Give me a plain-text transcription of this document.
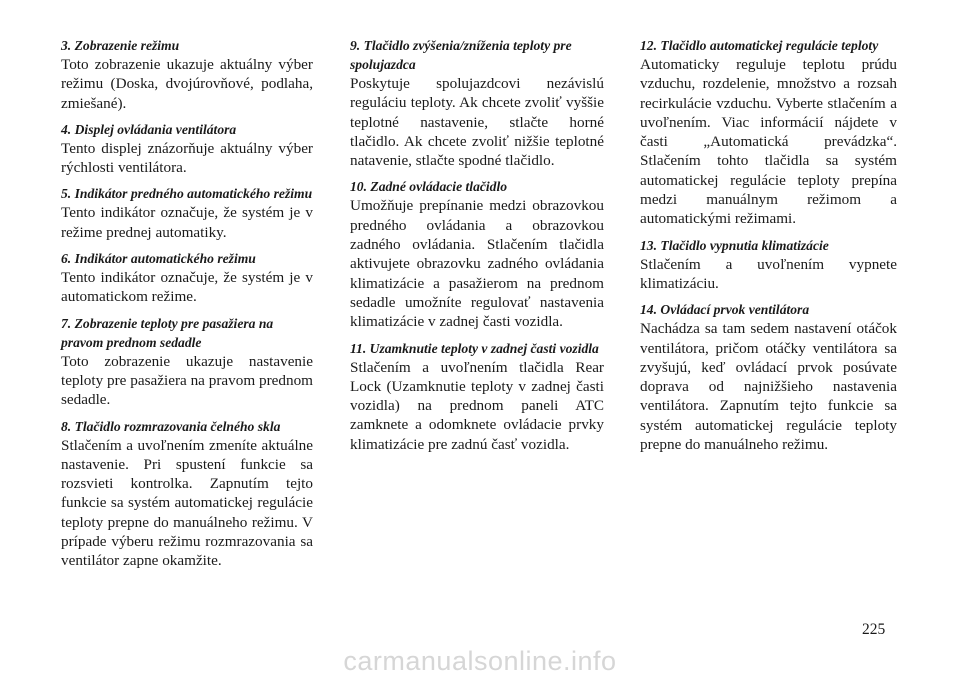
3. Zobrazenie režimu
Toto zobrazenie ukazuje aktuálny výber režimu (Doska, dvojúrovňové, podlaha, zmiešané).
4. Displej ovládania ventilátora
Tento displej znázorňuje aktuálny výber rýchlosti ventilátora.
5. Indikátor predného automatického režimu
Tento indikátor označuje, že systém je v režime prednej automatiky.
6. Indikátor automatického režimu
Tento indikátor označuje, že systém je v automatickom režime.
7. Zobrazenie teploty pre pasažiera na pravom prednom sedadle
Toto zobrazenie ukazuje nastavenie teploty pre pasažiera na pravom prednom sedadle.
8. Tlačidlo rozmrazovania čelného skla
Stlačením a uvoľnením zmeníte aktuálne nastavenie. Pri spustení funkcie sa rozsvieti kontrolka. Zapnutím tejto funkcie sa systém automatickej regulácie teploty prepne do manuálneho režimu. V prípade výberu režimu rozmrazovania sa ventilátor zapne okamžite.
9. Tlačidlo zvýšenia/zníženia teploty pre spolujazdca
Poskytuje spolujazdcovi nezávislú reguláciu teploty. Ak chcete zvoliť vyššie teplotné nastavenie, stlačte horné tlačidlo. Ak chcete zvoliť nižšie teplotné natavenie, stlačte spodné tlačidlo.
10. Zadné ovládacie tlačidlo
Umožňuje prepínanie medzi obrazovkou predného ovládania a obrazovkou zadného ovládania. Stlačením tlačidla aktivujete obrazovku zadného ovládania klimatizácie a pasažierom na prednom sedadle umožníte regulovať nastavenia klimatizácie v zadnej časti vozidla.
11. Uzamknutie teploty v zadnej časti vozidla
Stlačením a uvoľnením tlačidla Rear Lock (Uzamknutie teploty v zadnej časti vozidla) na prednom paneli ATC zamknete a odomknete ovládacie prvky klimatizácie pre zadnú časť vozidla.
12. Tlačidlo automatickej regulácie teploty
Automaticky reguluje teplotu prúdu vzduchu, rozdelenie, množstvo a rozsah recirkulácie vzduchu. Vyberte stlačením a uvoľnením. Viac informácií nájdete v časti „Automatická prevádzka“. Stlačením tohto tlačidla sa systém automatickej regulácie teploty prepína medzi manuálnym režimom a automatickými režimami.
13. Tlačidlo vypnutia klimatizácie
Stlačením a uvoľnením vypnete klimatizáciu.
14. Ovládací prvok ventilátora
Nachádza sa tam sedem nastavení otáčok ventilátora, pričom otáčky ventilátora sa zvyšujú, keď ovládací prvok posúvate doprava od najnižšieho nastavenia ventilátora. Zapnutím tejto funkcie sa systém automatickej regulácie teploty prepne do manuálneho režimu.
225
carmanualsonline.info
